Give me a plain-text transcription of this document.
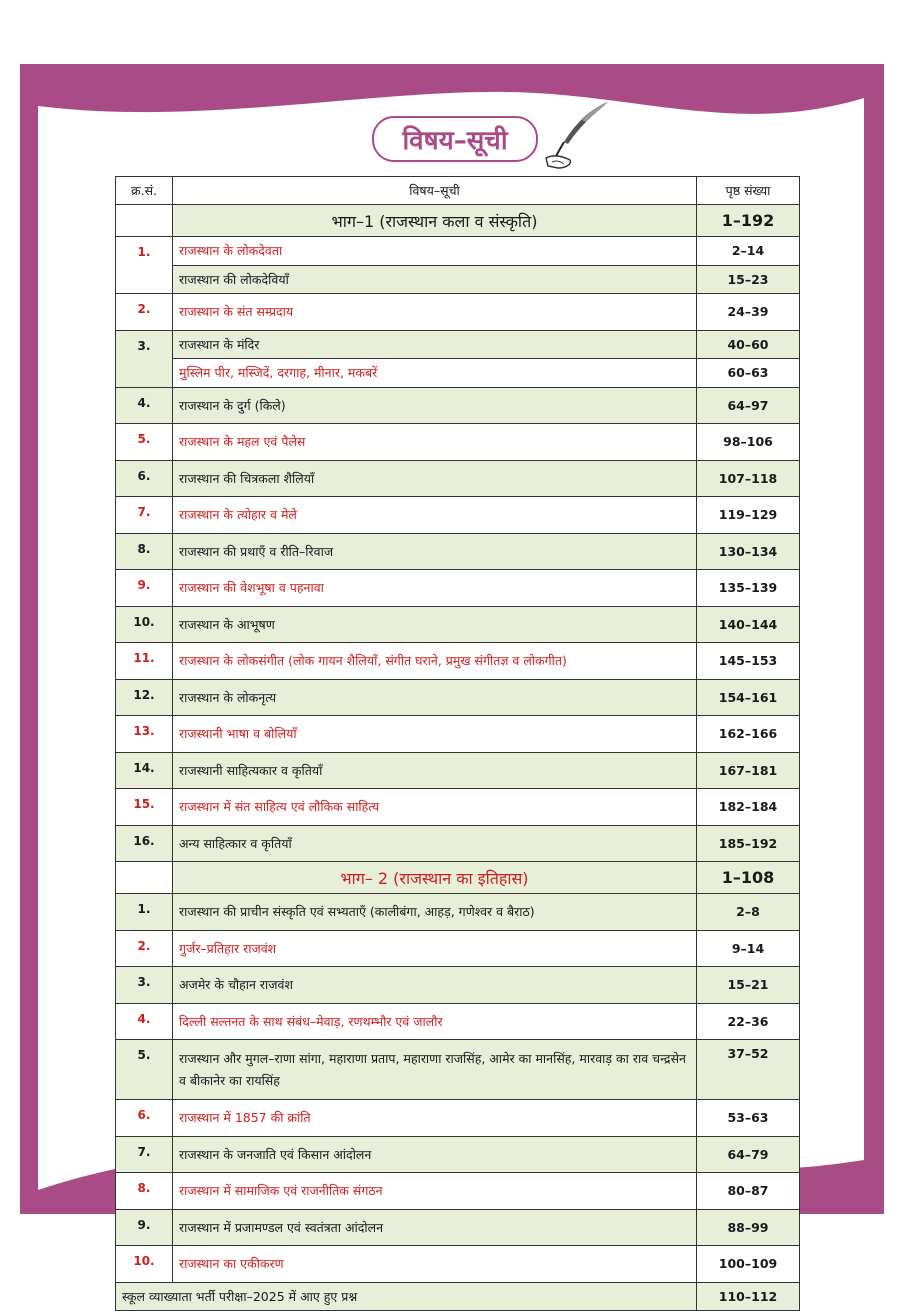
विषय–सूची
क्र.सं.	विषय–सूची	पृष्ठ संख्या
	भाग–1 (राजस्थान कला व संस्कृति)	1–192
1.	राजस्थान के लोकदेवता	2–14
	राजस्थान की लोकदेवियाँ	15–23
2.	राजस्थान के संत सम्प्रदाय	24–39
3.	राजस्थान के मंदिर	40–60
	मुस्लिम पीर, मस्जिदें, दरगाह, मीनार, मकबरें	60–63
4.	राजस्थान के दुर्ग (किले)	64–97
5.	राजस्थान के महल एवं पैलेस	98–106
6.	राजस्थान की चित्रकला शैलियाँ	107–118
7.	राजस्थान के त्योहार व मेले	119–129
8.	राजस्थान की प्रथाएँ व रीति–रिवाज	130–134
9.	राजस्थान की वेशभूषा व पहनावा	135–139
10.	राजस्थान के आभूषण	140–144
11.	राजस्थान के लोकसंगीत (लोक गायन शैलियाँ, संगीत घराने, प्रमुख संगीतज्ञ व लोकगीत)	145–153
12.	राजस्थान के लोकनृत्य	154–161
13.	राजस्थानी भाषा व बोलियाँ	162–166
14.	राजस्थानी साहित्यकार व कृतियाँ	167–181
15.	राजस्थान में संत साहित्य एवं लौकिक साहित्य	182–184
16.	अन्य साहित्कार व कृतियाँ	185–192
	भाग– 2 (राजस्थान का इतिहास)	1–108
1.	राजस्थान की प्राचीन संस्कृति एवं सभ्यताएँ (कालीबंगा, आहड़, गणेश्वर व बैराठ)	2–8
2.	गुर्जर–प्रतिहार राजवंश	9–14
3.	अजमेर के चौहान राजवंश	15–21
4.	दिल्ली सल्तनत के साथ संबंध–मेवाड़, रणथम्भौर एवं जालौर	22–36
5.	राजस्थान और मुगल–राणा सांगा, महाराणा प्रताप, महाराणा राजसिंह, आमेर का मानसिंह, मारवाड़ का राव चन्द्रसेन व बीकानेर का रायसिंह	37–52
6.	राजस्थान में 1857 की क्रांति	53–63
7.	राजस्थान के जनजाति एवं किसान आंदोलन	64–79
8.	राजस्थान में सामाजिक एवं राजनीतिक संगठन	80–87
9.	राजस्थान में प्रजामण्डल एवं स्वतंत्रता आंदोलन	88–99
10.	राजस्थान का एकीकरण	100–109
स्कूल व्याख्याता भर्ती परीक्षा–2025 में आए हुए प्रश्न		110–112
